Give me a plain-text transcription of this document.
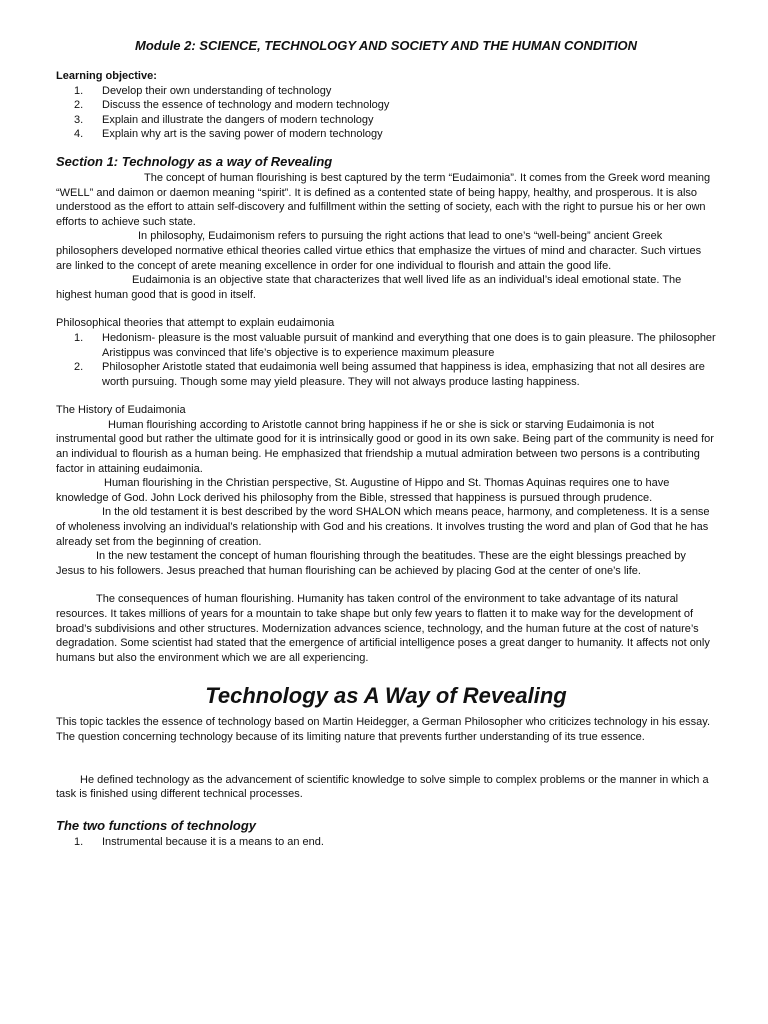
Module 2: SCIENCE, TECHNOLOGY AND SOCIETY AND THE HUMAN CONDITION

Learning objective:

1.	Develop their own understanding of technology
2.	Discuss the essence of technology and modern technology
3.	Explain and illustrate the dangers of modern technology
4.	Explain why art is the saving power of modern technology

Section 1: Technology as a way of Revealing

The concept of human flourishing is best captured by the term “Eudaimonia”. It comes from the Greek word meaning “WELL” and daimon or daemon meaning “spirit”. It is defined as a contented state of being happy, healthy, and prosperous. It is also understood as the effort to attain self-discovery and fulfillment within the setting of society, each with the right to pursue his or her own efforts to achieve such state.

In philosophy, Eudaimonism refers to pursuing the right actions that lead to one’s “well-being” ancient Greek philosophers developed normative ethical theories called virtue ethics that emphasize the virtues of mind and character. Such virtues are linked to the concept of arete meaning excellence in order for one individual to flourish and attain the good life.

Eudaimonia is an objective state that characterizes that well lived life as an individual’s ideal emotional state. The highest human good that is good in itself.

Philosophical theories that attempt to explain eudaimonia

1.	Hedonism- pleasure is the most valuable pursuit of mankind and everything that one does is to gain pleasure. The philosopher Aristippus was convinced that life’s objective is to experience maximum pleasure
2.	Philosopher Aristotle stated that eudaimonia well being assumed that happiness is idea, emphasizing that not all desires are worth pursuing. Though some may yield pleasure. They will not always produce lasting happiness.

The History of Eudaimonia

Human flourishing according to Aristotle cannot bring happiness if he or she is sick or starving Eudaimonia is not instrumental good but rather the ultimate good for it is intrinsically good or good in its own sake. Being part of the community is need for an individual to flourish as a human being. He emphasized that friendship a mutual admiration between two persons is a contributing factor in attaining eudaimonia.

Human flourishing in the Christian perspective, St. Augustine of Hippo and St. Thomas Aquinas requires one to have knowledge of God. John Lock derived his philosophy from the Bible, stressed that happiness is pursued through prudence.

In the old testament it is best described by the word SHALON which means peace, harmony, and completeness. It is a sense of wholeness involving an individual’s relationship with God and his creations. It involves trusting the word and plan of God that he has already set from the beginning of creation.

In the new testament the concept of human flourishing through the beatitudes. These are the eight blessings preached by Jesus to his followers. Jesus preached that human flourishing can be achieved by placing God at the center of one’s life.

The consequences of human flourishing. Humanity has taken control of the environment to take advantage of its natural resources. It takes millions of years for a mountain to take shape but only few years to flatten it to make way for the development of broad’s subdivisions and other structures. Modernization advances science, technology, and the human future at the cost of nature’s degradation. Some scientist had stated that the emergence of artificial intelligence poses a great danger to humanity. It affects not only humans but also the environment which we are all experiencing.

Technology as A Way of Revealing

This topic tackles the essence of technology based on Martin Heidegger, a German Philosopher who criticizes technology in his essay. The question concerning technology because of its limiting nature that prevents further understanding of its true essence.

He defined technology as the advancement of scientific knowledge to solve simple to complex problems or the manner in which a task is finished using different technical processes.

The two functions of technology

1.	Instrumental because it is a means to an end.
